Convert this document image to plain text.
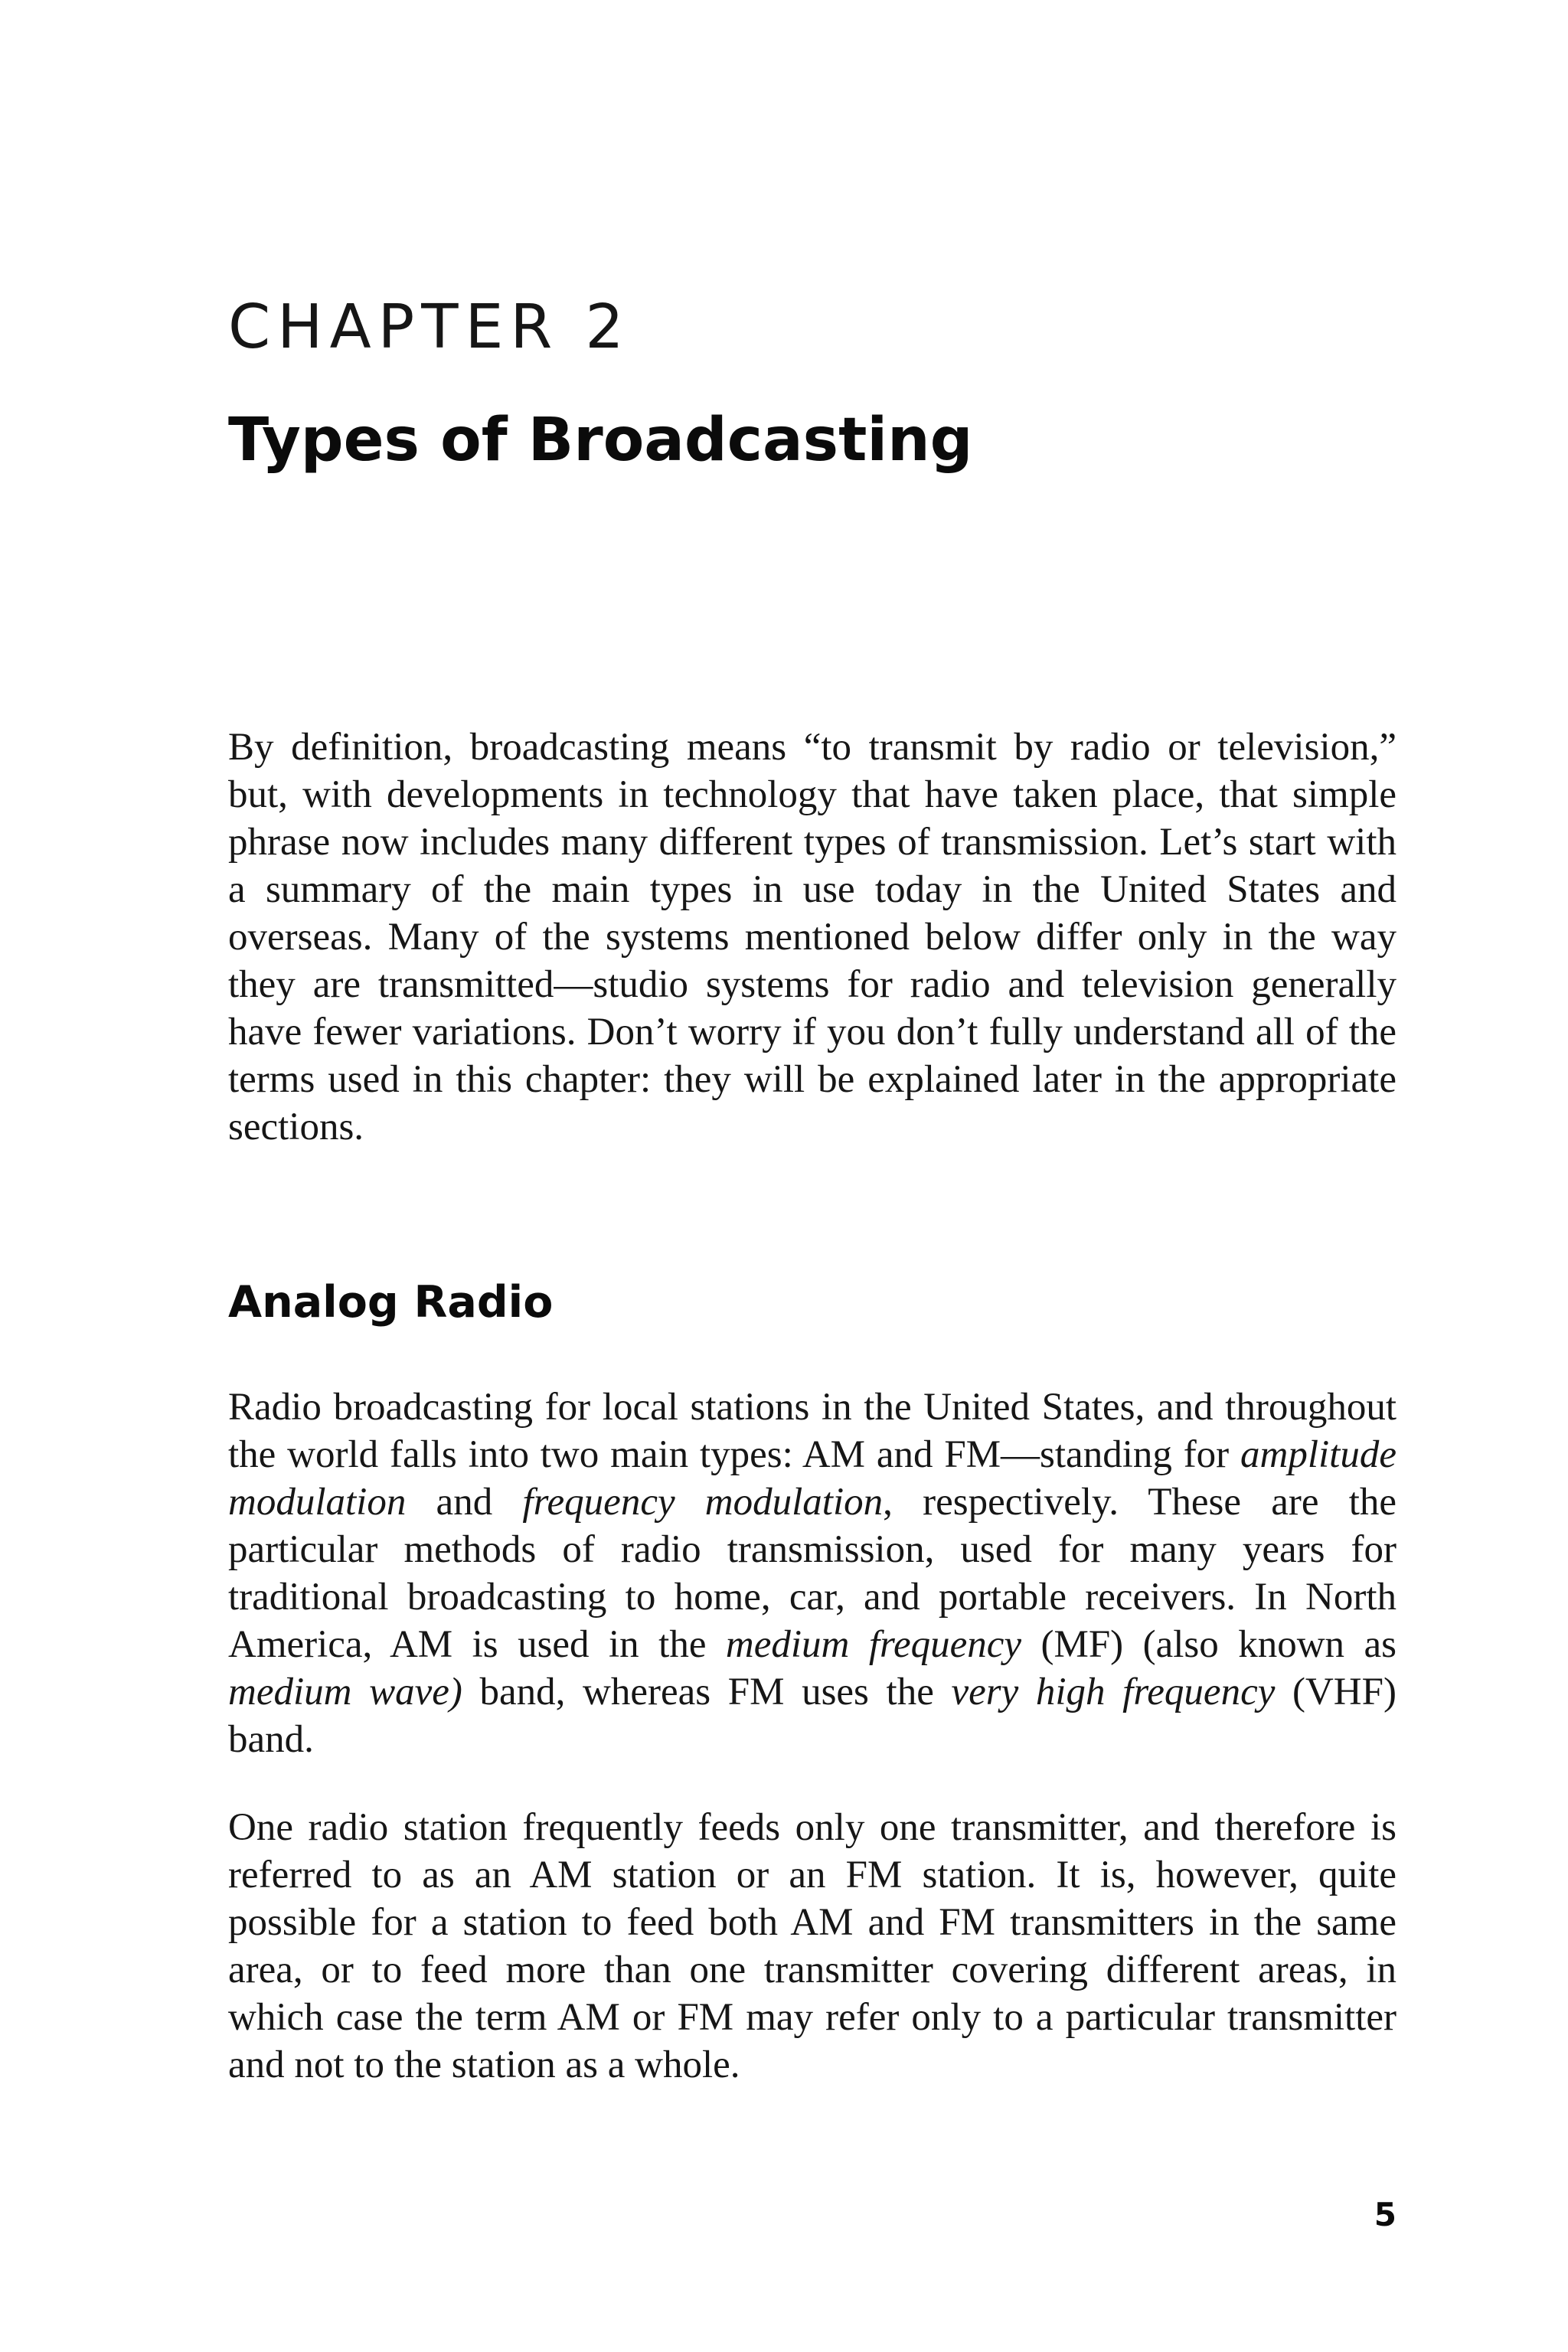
CHAPTER 2
Types of Broadcasting

By definition, broadcasting means “to transmit by radio or television,” but, with developments in technology that have taken place, that simple phrase now includes many different types of transmission. Let’s start with a summary of the main types in use today in the United States and overseas. Many of the systems mentioned below differ only in the way they are transmitted—studio systems for radio and television generally have fewer variations. Don’t worry if you don’t fully understand all of the terms used in this chapter: they will be explained later in the appropriate sections.

Analog Radio

Radio broadcasting for local stations in the United States, and throughout the world falls into two main types: AM and FM—standing for amplitude modulation and frequency modulation, respectively. These are the particular methods of radio transmission, used for many years for traditional broadcasting to home, car, and portable receivers. In North America, AM is used in the medium frequency (MF) (also known as medium wave) band, whereas FM uses the very high frequency (VHF) band.

One radio station frequently feeds only one transmitter, and therefore is referred to as an AM station or an FM station. It is, however, quite possible for a station to feed both AM and FM transmitters in the same area, or to feed more than one transmitter covering different areas, in which case the term AM or FM may refer only to a particular transmitter and not to the station as a whole.

5
